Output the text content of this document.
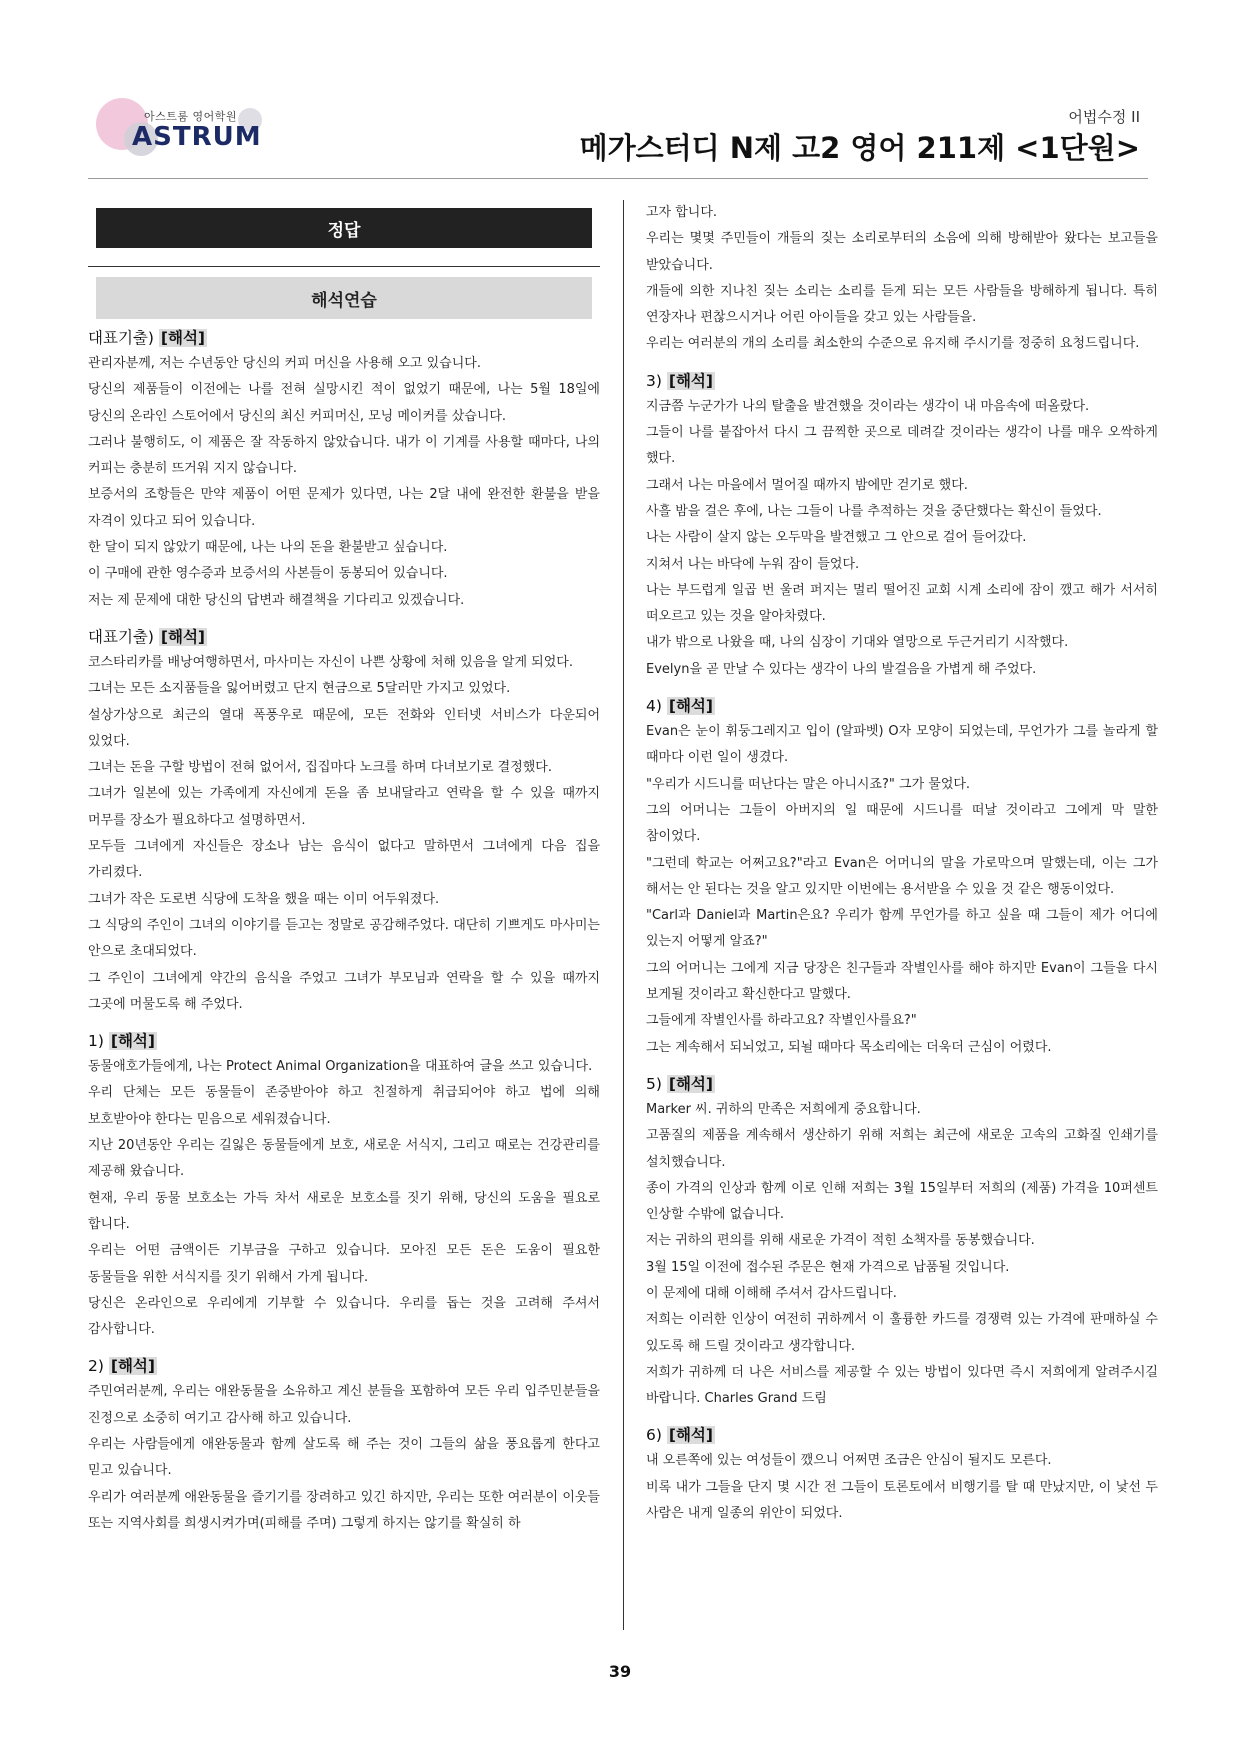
아스트룸 영어학원
ASTRUM
어법수정 II
메가스터디 N제 고2 영어 211제 <1단원>
정답
해석연습
대표기출) [해석]

관리자분께, 저는 수년동안 당신의 커피 머신을 사용해 오고 있습니다.

당신의 제품들이 이전에는 나를 전혀 실망시킨 적이 없었기 때문에, 나는 5월 18일에 당신의 온라인 스토어에서 당신의 최신 커피머신, 모닝 메이커를 샀습니다.

그러나 불행히도, 이 제품은 잘 작동하지 않았습니다. 내가 이 기계를 사용할 때마다, 나의 커피는 충분히 뜨거워 지지 않습니다.

보증서의 조항들은 만약 제품이 어떤 문제가 있다면, 나는 2달 내에 완전한 환불을 받을 자격이 있다고 되어 있습니다.

한 달이 되지 않았기 때문에, 나는 나의 돈을 환불받고 싶습니다.

이 구매에 관한 영수증과 보증서의 사본들이 동봉되어 있습니다.

저는 제 문제에 대한 당신의 답변과 해결책을 기다리고 있겠습니다.

대표기출) [해석]

코스타리카를 배낭여행하면서, 마사미는 자신이 나쁜 상황에 처해 있음을 알게 되었다.

그녀는 모든 소지품들을 잃어버렸고 단지 현금으로 5달러만 가지고 있었다.

설상가상으로 최근의 열대 폭풍우로 때문에, 모든 전화와 인터넷 서비스가 다운되어 있었다.

그녀는 돈을 구할 방법이 전혀 없어서, 집집마다 노크를 하며 다녀보기로 결정했다.

그녀가 일본에 있는 가족에게 자신에게 돈을 좀 보내달라고 연락을 할 수 있을 때까지 머무를 장소가 필요하다고 설명하면서.

모두들 그녀에게 자신들은 장소나 남는 음식이 없다고 말하면서 그녀에게 다음 집을 가리켰다.

그녀가 작은 도로변 식당에 도착을 했을 때는 이미 어두워졌다.

그 식당의 주인이 그녀의 이야기를 듣고는 정말로 공감해주었다. 대단히 기쁘게도 마사미는 안으로 초대되었다.

그 주인이 그녀에게 약간의 음식을 주었고 그녀가 부모님과 연락을 할 수 있을 때까지 그곳에 머물도록 해 주었다.

1) [해석]

동물애호가들에게, 나는 Protect Animal Organization을 대표하여 글을 쓰고 있습니다.

우리 단체는 모든 동물들이 존중받아야 하고 친절하게 취급되어야 하고 법에 의해 보호받아야 한다는 믿음으로 세워졌습니다.

지난 20년동안 우리는 길잃은 동물들에게 보호, 새로운 서식지, 그리고 때로는 건강관리를 제공해 왔습니다.

현재, 우리 동물 보호소는 가득 차서 새로운 보호소를 짓기 위해, 당신의 도움을 필요로 합니다.

우리는 어떤 금액이든 기부금을 구하고 있습니다. 모아진 모든 돈은 도움이 필요한 동물들을 위한 서식지를 짓기 위해서 가게 됩니다.

당신은 온라인으로 우리에게 기부할 수 있습니다. 우리를 돕는 것을 고려해 주셔서 감사합니다.

2) [해석]

주민여러분께, 우리는 애완동물을 소유하고 계신 분들을 포함하여 모든 우리 입주민분들을 진정으로 소중히 여기고 감사해 하고 있습니다.

우리는 사람들에게 애완동물과 함께 살도록 해 주는 것이 그들의 삶을 풍요롭게 한다고 믿고 있습니다.

우리가 여러분께 애완동물을 즐기기를 장려하고 있긴 하지만, 우리는 또한 여러분이 이웃들 또는 지역사회를 희생시켜가며(피해를 주며) 그렇게 하지는 않기를 확실히 하

고자 합니다.

우리는 몇몇 주민들이 개들의 짖는 소리로부터의 소음에 의해 방해받아 왔다는 보고들을 받았습니다.

개들에 의한 지나친 짖는 소리는 소리를 듣게 되는 모든 사람들을 방해하게 됩니다. 특히 연장자나 편찮으시거나 어린 아이들을 갖고 있는 사람들을.

우리는 여러분의 개의 소리를 최소한의 수준으로 유지해 주시기를 정중히 요청드립니다.

3) [해석]

지금쯤 누군가가 나의 탈출을 발견했을 것이라는 생각이 내 마음속에 떠올랐다.

그들이 나를 붙잡아서 다시 그 끔찍한 곳으로 데려갈 것이라는 생각이 나를 매우 오싹하게 했다.

그래서 나는 마을에서 멀어질 때까지 밤에만 걷기로 했다.

사흘 밤을 걸은 후에, 나는 그들이 나를 추적하는 것을 중단했다는 확신이 들었다.

나는 사람이 살지 않는 오두막을 발견했고 그 안으로 걸어 들어갔다.

지쳐서 나는 바닥에 누워 잠이 들었다.

나는 부드럽게 일곱 번 울려 퍼지는 멀리 떨어진 교회 시계 소리에 잠이 깼고 해가 서서히 떠오르고 있는 것을 알아차렸다.

내가 밖으로 나왔을 때, 나의 심장이 기대와 열망으로 두근거리기 시작했다.

Evelyn을 곧 만날 수 있다는 생각이 나의 발걸음을 가볍게 해 주었다.

4) [해석]

Evan은 눈이 휘둥그레지고 입이 (알파벳) O자 모양이 되었는데, 무언가가 그를 놀라게 할 때마다 이런 일이 생겼다.

"우리가 시드니를 떠난다는 말은 아니시죠?" 그가 물었다.

그의 어머니는 그들이 아버지의 일 때문에 시드니를 떠날 것이라고 그에게 막 말한 참이었다.

"그런데 학교는 어쩌고요?"라고 Evan은 어머니의 말을 가로막으며 말했는데, 이는 그가 해서는 안 된다는 것을 알고 있지만 이번에는 용서받을 수 있을 것 같은 행동이었다.

"Carl과 Daniel과 Martin은요? 우리가 함께 무언가를 하고 싶을 때 그들이 제가 어디에 있는지 어떻게 알죠?"

그의 어머니는 그에게 지금 당장은 친구들과 작별인사를 해야 하지만 Evan이 그들을 다시 보게될 것이라고 확신한다고 말했다.

그들에게 작별인사를 하라고요? 작별인사를요?"

그는 계속해서 되뇌었고, 되뇔 때마다 목소리에는 더욱더 근심이 어렸다.

5) [해석]

Marker 씨. 귀하의 만족은 저희에게 중요합니다.

고품질의 제품을 계속해서 생산하기 위해 저희는 최근에 새로운 고속의 고화질 인쇄기를 설치했습니다.

종이 가격의 인상과 함께 이로 인해 저희는 3월 15일부터 저희의 (제품) 가격을 10퍼센트 인상할 수밖에 없습니다.

저는 귀하의 편의를 위해 새로운 가격이 적힌 소책자를 동봉했습니다.

3월 15일 이전에 접수된 주문은 현재 가격으로 납품될 것입니다.

이 문제에 대해 이해해 주셔서 감사드립니다.

저희는 이러한 인상이 여전히 귀하께서 이 훌륭한 카드를 경쟁력 있는 가격에 판매하실 수 있도록 해 드릴 것이라고 생각합니다.

저희가 귀하께 더 나은 서비스를 제공할 수 있는 방법이 있다면 즉시 저희에게 알려주시길 바랍니다. Charles Grand 드림

6) [해석]

내 오른쪽에 있는 여성들이 깼으니 어쩌면 조금은 안심이 될지도 모른다.

비록 내가 그들을 단지 몇 시간 전 그들이 토론토에서 비행기를 탈 때 만났지만, 이 낯선 두 사람은 내게 일종의 위안이 되었다.

39
